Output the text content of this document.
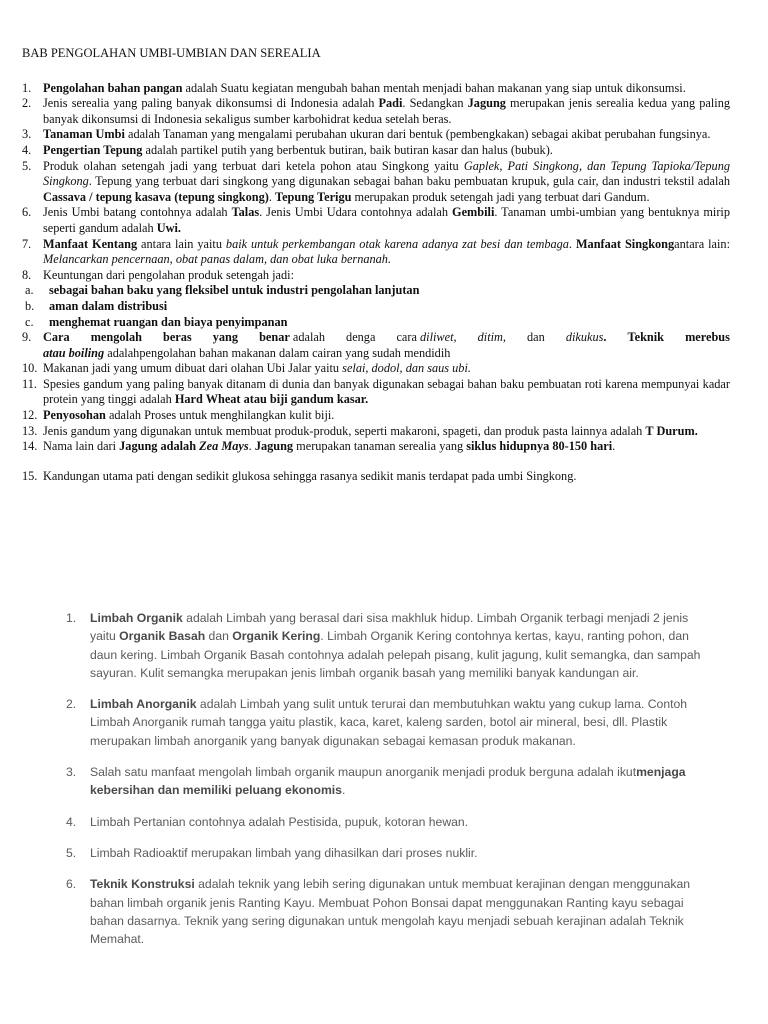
BAB PENGOLAHAN UMBI-UMBIAN DAN SEREALIA
1. Pengolahan bahan pangan adalah Suatu kegiatan mengubah bahan mentah menjadi bahan makanan yang siap untuk dikonsumsi.
2. Jenis serealia yang paling banyak dikonsumsi di Indonesia adalah Padi. Sedangkan Jagung merupakan jenis serealia kedua yang paling banyak dikonsumsi di Indonesia sekaligus sumber karbohidrat kedua setelah beras.
3. Tanaman Umbi adalah Tanaman yang mengalami perubahan ukuran dari bentuk (pembengkakan) sebagai akibat perubahan fungsinya.
4. Pengertian Tepung adalah partikel putih yang berbentuk butiran, baik butiran kasar dan halus (bubuk).
5. Produk olahan setengah jadi yang terbuat dari ketela pohon atau Singkong yaitu Gaplek, Pati Singkong, dan Tepung Tapioka/Tepung Singkong. Tepung yang terbuat dari singkong yang digunakan sebagai bahan baku pembuatan krupuk, gula cair, dan industri tekstil adalah Cassava / tepung kasava (tepung singkong). Tepung Terigu merupakan produk setengah jadi yang terbuat dari Gandum.
6. Jenis Umbi batang contohnya adalah Talas. Jenis Umbi Udara contohnya adalah Gembili. Tanaman umbi-umbian yang bentuknya mirip seperti gandum adalah Uwi.
7. Manfaat Kentang antara lain yaitu baik untuk perkembangan otak karena adanya zat besi dan tembaga. Manfaat Singkongantara lain: Melancarkan pencernaan, obat panas dalam, dan obat luka bernanah.
8. Keuntungan dari pengolahan produk setengah jadi:
a.	sebagai bahan baku yang fleksibel untuk industri pengolahan lanjutan
b.	aman dalam distribusi
c.	menghemat ruangan dan biaya penyimpanan
9. Cara mengolah beras yang benar adalah denga cara diliwet, ditim, dan dikukus. Teknik merebus
atau boiling adalahpengolahan bahan makanan dalam cairan yang sudah mendidih
10. Makanan jadi yang umum dibuat dari olahan Ubi Jalar yaitu selai, dodol, dan saus ubi.
11. Spesies gandum yang paling banyak ditanam di dunia dan banyak digunakan sebagai bahan baku pembuatan roti karena mempunyai kadar protein yang tinggi adalah Hard Wheat atau biji gandum kasar.
12. Penyosohan adalah Proses untuk menghilangkan kulit biji.
13. Jenis gandum yang digunakan untuk membuat produk-produk, seperti makaroni, spageti, dan produk pasta lainnya adalah T Durum.
14. Nama lain dari Jagung adalah Zea Mays. Jagung merupakan tanaman serealia yang siklus hidupnya 80-150 hari.
15. Kandungan utama pati dengan sedikit glukosa sehingga rasanya sedikit manis terdapat pada umbi Singkong.
1.	Limbah Organik adalah Limbah yang berasal dari sisa makhluk hidup. Limbah Organik terbagi menjadi 2 jenis yaitu Organik Basah dan Organik Kering. Limbah Organik Kering contohnya kertas, kayu, ranting pohon, dan daun kering. Limbah Organik Basah contohnya adalah pelepah pisang, kulit jagung, kulit semangka, dan sampah sayuran. Kulit semangka merupakan jenis limbah organik basah yang memiliki banyak kandungan air.
2.	Limbah Anorganik adalah Limbah yang sulit untuk terurai dan membutuhkan waktu yang cukup lama. Contoh Limbah Anorganik rumah tangga yaitu plastik, kaca, karet, kaleng sarden, botol air mineral, besi, dll. Plastik merupakan limbah anorganik yang banyak digunakan sebagai kemasan produk makanan.
3.	Salah satu manfaat mengolah limbah organik maupun anorganik menjadi produk berguna adalah ikutmenjaga kebersihan dan memiliki peluang ekonomis.
4.	Limbah Pertanian contohnya adalah Pestisida, pupuk, kotoran hewan.
5.	Limbah Radioaktif merupakan limbah yang dihasilkan dari proses nuklir.
6.	Teknik Konstruksi adalah teknik yang lebih sering digunakan untuk membuat kerajinan dengan menggunakan bahan limbah organik jenis Ranting Kayu. Membuat Pohon Bonsai dapat menggunakan Ranting kayu sebagai bahan dasarnya. Teknik yang sering digunakan untuk mengolah kayu menjadi sebuah kerajinan adalah Teknik Memahat.
